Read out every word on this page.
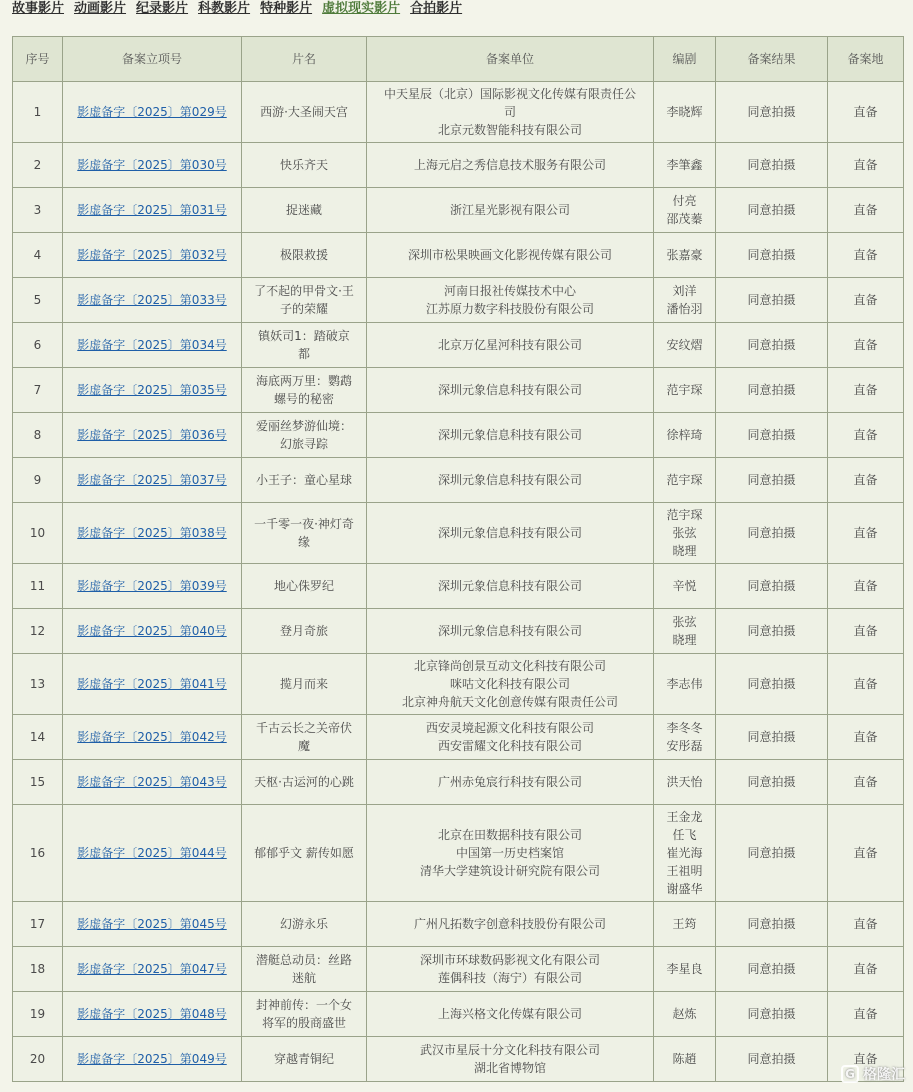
故事影片 动画影片 纪录影片 科教影片 特种影片 虚拟现实影片 合拍影片
序号	备案立项号	片名	备案单位	编剧	备案结果	备案地
1	影虚备字〔2025〕第029号	西游·大圣闹天宫	中天星辰（北京）国际影视文化传媒有限责任公
司
北京元数智能科技有限公司	李晓辉	同意拍摄	直备
2	影虚备字〔2025〕第030号	快乐齐天	上海元启之秀信息技术服务有限公司	李筆鑫	同意拍摄	直备
3	影虚备字〔2025〕第031号	捉迷藏	浙江星光影视有限公司	付亮
邵茂蓁	同意拍摄	直备
4	影虚备字〔2025〕第032号	极限救援	深圳市松果映画文化影视传媒有限公司	张嘉豪	同意拍摄	直备
5	影虚备字〔2025〕第033号	了不起的甲骨文·王
子的荣耀	河南日报社传媒技术中心
江苏原力数字科技股份有限公司	刘洋
潘怡羽	同意拍摄	直备
6	影虚备字〔2025〕第034号	镇妖司1：踏破京
都	北京万亿星河科技有限公司	安纹熠	同意拍摄	直备
7	影虚备字〔2025〕第035号	海底两万里：鹦鹉
螺号的秘密	深圳元象信息科技有限公司	范宇琛	同意拍摄	直备
8	影虚备字〔2025〕第036号	爱丽丝梦游仙境：
幻旅寻踪	深圳元象信息科技有限公司	徐梓琦	同意拍摄	直备
9	影虚备字〔2025〕第037号	小王子：童心星球	深圳元象信息科技有限公司	范宇琛	同意拍摄	直备
10	影虚备字〔2025〕第038号	一千零一夜·神灯奇
缘	深圳元象信息科技有限公司	范宇琛
张弦
晓理	同意拍摄	直备
11	影虚备字〔2025〕第039号	地心侏罗纪	深圳元象信息科技有限公司	辛悦	同意拍摄	直备
12	影虚备字〔2025〕第040号	登月奇旅	深圳元象信息科技有限公司	张弦
晓理	同意拍摄	直备
13	影虚备字〔2025〕第041号	揽月而来	北京锋尚创景互动文化科技有限公司
咪咕文化科技有限公司
北京神舟航天文化创意传媒有限责任公司	李志伟	同意拍摄	直备
14	影虚备字〔2025〕第042号	千古云长之关帝伏
魔	西安灵境起源文化科技有限公司
西安雷耀文化科技有限公司	李冬冬
安彤磊	同意拍摄	直备
15	影虚备字〔2025〕第043号	天枢·古运河的心跳	广州赤兔宸行科技有限公司	洪天怡	同意拍摄	直备
16	影虚备字〔2025〕第044号	郁郁乎文 薪传如愿	北京在田数据科技有限公司
中国第一历史档案馆
清华大学建筑设计研究院有限公司	王金龙
任飞
崔光海
王祖明
谢盛华	同意拍摄	直备
17	影虚备字〔2025〕第045号	幻游永乐	广州凡拓数字创意科技股份有限公司	王筠	同意拍摄	直备
18	影虚备字〔2025〕第047号	潜艇总动员：丝路
迷航	深圳市环球数码影视文化有限公司
莲偶科技（海宁）有限公司	李星良	同意拍摄	直备
19	影虚备字〔2025〕第048号	封神前传：一个女
将军的殷商盛世	上海兴格文化传媒有限公司	赵炼	同意拍摄	直备
20	影虚备字〔2025〕第049号	穿越青铜纪	武汉市星辰十分文化科技有限公司
湖北省博物馆	陈趙	同意拍摄	直备
G 格隆汇
